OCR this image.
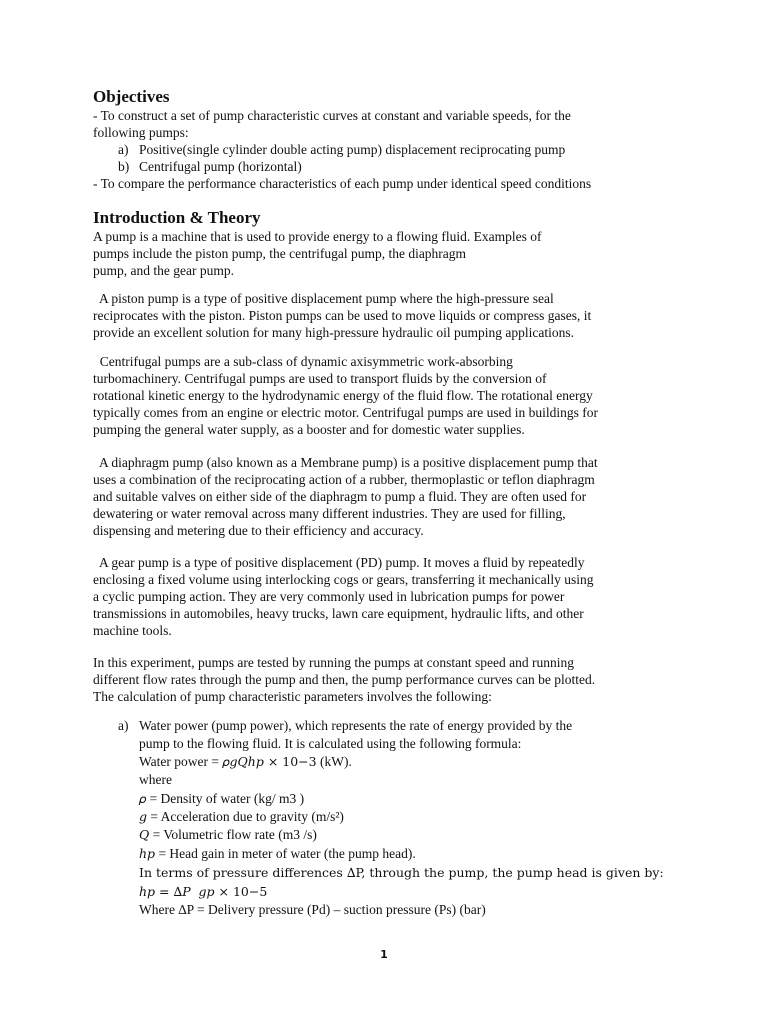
Objectives
- To construct a set of pump characteristic curves at constant and variable speeds, for the
following pumps:
a) Positive(single cylinder double acting pump) displacement reciprocating pump
b) Centrifugal pump (horizontal)
- To compare the performance characteristics of each pump under identical speed conditions
Introduction & Theory
A pump is a machine that is used to provide energy to a flowing fluid. Examples of
pumps include the piston pump, the centrifugal pump, the diaphragm
pump, and the gear pump.
A piston pump is a type of positive displacement pump where the high-pressure seal
reciprocates with the piston. Piston pumps can be used to move liquids or compress gases, it
provide an excellent solution for many high-pressure hydraulic oil pumping applications.
Centrifugal pumps are a sub-class of dynamic axisymmetric work-absorbing
turbomachinery. Centrifugal pumps are used to transport fluids by the conversion of
rotational kinetic energy to the hydrodynamic energy of the fluid flow. The rotational energy
typically comes from an engine or electric motor. Centrifugal pumps are used in buildings for
pumping the general water supply, as a booster and for domestic water supplies.
A diaphragm pump (also known as a Membrane pump) is a positive displacement pump that
uses a combination of the reciprocating action of a rubber, thermoplastic or teflon diaphragm
and suitable valves on either side of the diaphragm to pump a fluid. They are often used for
dewatering or water removal across many different industries. They are used for filling,
dispensing and metering due to their efficiency and accuracy.
A gear pump is a type of positive displacement (PD) pump. It moves a fluid by repeatedly
enclosing a fixed volume using interlocking cogs or gears, transferring it mechanically using
a cyclic pumping action. They are very commonly used in lubrication pumps for power
transmissions in automobiles, heavy trucks, lawn care equipment, hydraulic lifts, and other
machine tools.
In this experiment, pumps are tested by running the pumps at constant speed and running
different flow rates through the pump and then, the pump performance curves can be plotted.
The calculation of pump characteristic parameters involves the following:
a) Water power (pump power), which represents the rate of energy provided by the
pump to the flowing fluid. It is calculated using the following formula:
Water power = 𝜌𝑔𝑄ℎ𝑝 × 10−3 (kW).
where
𝜌 = Density of water (kg/ m3 )
𝑔 = Acceleration due to gravity (m/s²)
𝑄 = Volumetric flow rate (m3 /s)
ℎ𝑝 = Head gain in meter of water (the pump head).
In terms of pressure differences ∆P, through the pump, the pump head is given by:
ℎ𝑝 = ∆𝑃  𝑔𝑝 × 10−5
Where ∆P = Delivery pressure (Pd) – suction pressure (Ps) (bar)
1
